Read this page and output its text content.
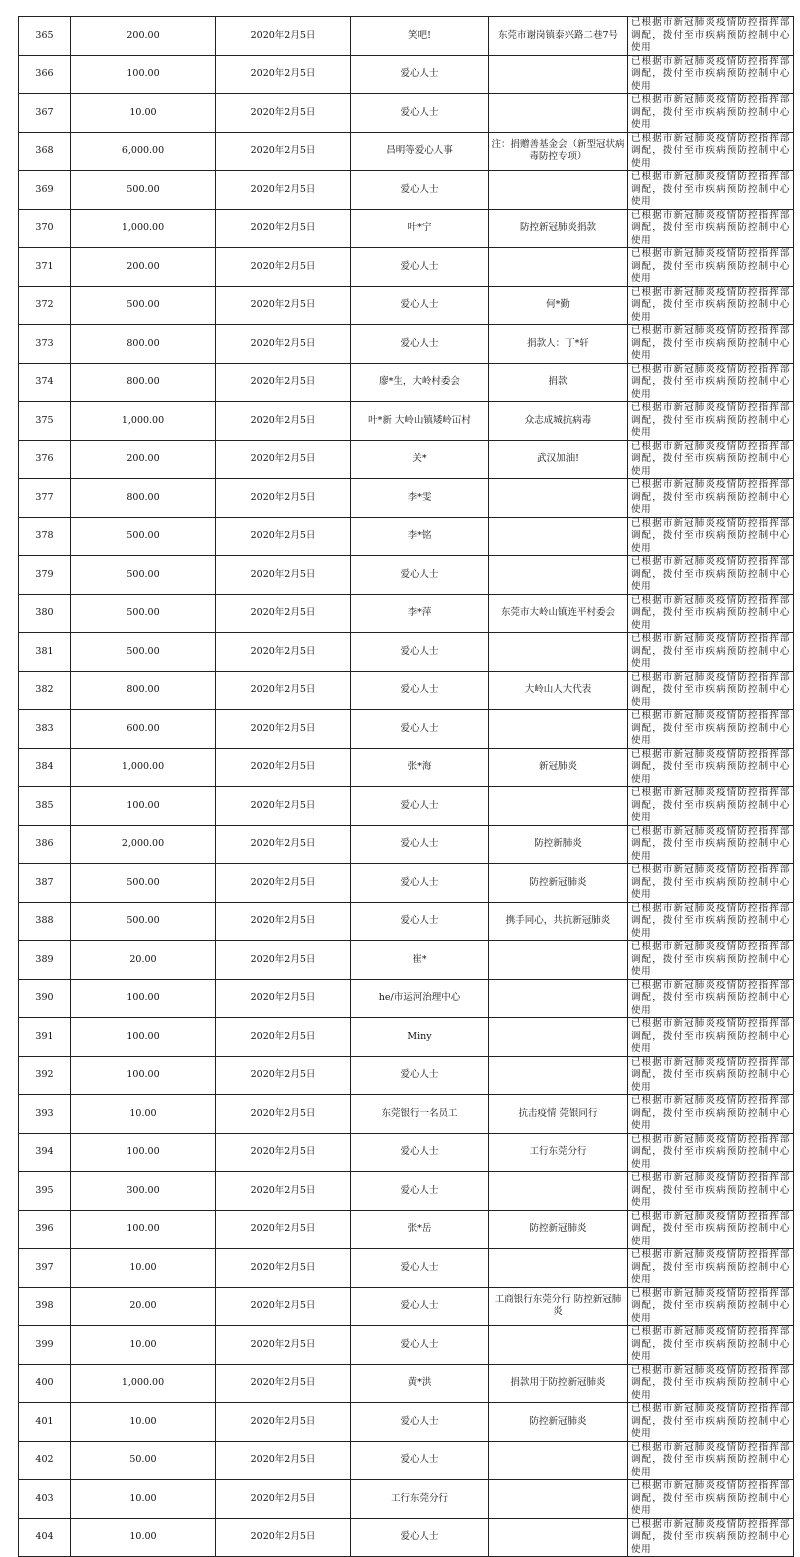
365	200.00	2020年2月5日	笑吧!	东莞市谢岗镇泰兴路二巷7号	已根据市新冠肺炎疫情防控指挥部调配，拨付至市疾病预防控制中心使用
366	100.00	2020年2月5日	爱心人士		已根据市新冠肺炎疫情防控指挥部调配，拨付至市疾病预防控制中心使用
367	10.00	2020年2月5日	爱心人士		已根据市新冠肺炎疫情防控指挥部调配，拨付至市疾病预防控制中心使用
368	6,000.00	2020年2月5日	昌明等爱心人事	注：捐赠善基金会（新型冠状病毒防控专项）	已根据市新冠肺炎疫情防控指挥部调配，拨付至市疾病预防控制中心使用
369	500.00	2020年2月5日	爱心人士		已根据市新冠肺炎疫情防控指挥部调配，拨付至市疾病预防控制中心使用
370	1,000.00	2020年2月5日	叶*宁	防控新冠肺炎捐款	已根据市新冠肺炎疫情防控指挥部调配，拨付至市疾病预防控制中心使用
371	200.00	2020年2月5日	爱心人士		已根据市新冠肺炎疫情防控指挥部调配，拨付至市疾病预防控制中心使用
372	500.00	2020年2月5日	爱心人士	何*勤	已根据市新冠肺炎疫情防控指挥部调配，拨付至市疾病预防控制中心使用
373	800.00	2020年2月5日	爱心人士	捐款人：丁*轩	已根据市新冠肺炎疫情防控指挥部调配，拨付至市疾病预防控制中心使用
374	800.00	2020年2月5日	廖*生，大岭村委会	捐款	已根据市新冠肺炎疫情防控指挥部调配，拨付至市疾病预防控制中心使用
375	1,000.00	2020年2月5日	叶*新 大岭山镇矮岭冚村	众志成城抗病毒	已根据市新冠肺炎疫情防控指挥部调配，拨付至市疾病预防控制中心使用
376	200.00	2020年2月5日	关*	武汉加油!	已根据市新冠肺炎疫情防控指挥部调配，拨付至市疾病预防控制中心使用
377	800.00	2020年2月5日	李*雯		已根据市新冠肺炎疫情防控指挥部调配，拨付至市疾病预防控制中心使用
378	500.00	2020年2月5日	李*铭		已根据市新冠肺炎疫情防控指挥部调配，拨付至市疾病预防控制中心使用
379	500.00	2020年2月5日	爱心人士		已根据市新冠肺炎疫情防控指挥部调配，拨付至市疾病预防控制中心使用
380	500.00	2020年2月5日	李*萍	东莞市大岭山镇连平村委会	已根据市新冠肺炎疫情防控指挥部调配，拨付至市疾病预防控制中心使用
381	500.00	2020年2月5日	爱心人士		已根据市新冠肺炎疫情防控指挥部调配，拨付至市疾病预防控制中心使用
382	800.00	2020年2月5日	爱心人士	大岭山人大代表	已根据市新冠肺炎疫情防控指挥部调配，拨付至市疾病预防控制中心使用
383	600.00	2020年2月5日	爱心人士		已根据市新冠肺炎疫情防控指挥部调配，拨付至市疾病预防控制中心使用
384	1,000.00	2020年2月5日	张*海	新冠肺炎	已根据市新冠肺炎疫情防控指挥部调配，拨付至市疾病预防控制中心使用
385	100.00	2020年2月5日	爱心人士		已根据市新冠肺炎疫情防控指挥部调配，拨付至市疾病预防控制中心使用
386	2,000.00	2020年2月5日	爱心人士	防控新肺炎	已根据市新冠肺炎疫情防控指挥部调配，拨付至市疾病预防控制中心使用
387	500.00	2020年2月5日	爱心人士	防控新冠肺炎	已根据市新冠肺炎疫情防控指挥部调配，拨付至市疾病预防控制中心使用
388	500.00	2020年2月5日	爱心人士	携手同心，共抗新冠肺炎	已根据市新冠肺炎疫情防控指挥部调配，拨付至市疾病预防控制中心使用
389	20.00	2020年2月5日	崔*		已根据市新冠肺炎疫情防控指挥部调配，拨付至市疾病预防控制中心使用
390	100.00	2020年2月5日	he/市运河治理中心		已根据市新冠肺炎疫情防控指挥部调配，拨付至市疾病预防控制中心使用
391	100.00	2020年2月5日	Miny		已根据市新冠肺炎疫情防控指挥部调配，拨付至市疾病预防控制中心使用
392	100.00	2020年2月5日	爱心人士		已根据市新冠肺炎疫情防控指挥部调配，拨付至市疾病预防控制中心使用
393	10.00	2020年2月5日	东莞银行一名员工	抗击疫情 莞银同行	已根据市新冠肺炎疫情防控指挥部调配，拨付至市疾病预防控制中心使用
394	100.00	2020年2月5日	爱心人士	工行东莞分行	已根据市新冠肺炎疫情防控指挥部调配，拨付至市疾病预防控制中心使用
395	300.00	2020年2月5日	爱心人士		已根据市新冠肺炎疫情防控指挥部调配，拨付至市疾病预防控制中心使用
396	100.00	2020年2月5日	张*岳	防控新冠肺炎	已根据市新冠肺炎疫情防控指挥部调配，拨付至市疾病预防控制中心使用
397	10.00	2020年2月5日	爱心人士		已根据市新冠肺炎疫情防控指挥部调配，拨付至市疾病预防控制中心使用
398	20.00	2020年2月5日	爱心人士	工商银行东莞分行 防控新冠肺炎	已根据市新冠肺炎疫情防控指挥部调配，拨付至市疾病预防控制中心使用
399	10.00	2020年2月5日	爱心人士		已根据市新冠肺炎疫情防控指挥部调配，拨付至市疾病预防控制中心使用
400	1,000.00	2020年2月5日	黄*洪	捐款用于防控新冠肺炎	已根据市新冠肺炎疫情防控指挥部调配，拨付至市疾病预防控制中心使用
401	10.00	2020年2月5日	爱心人士	防控新冠肺炎	已根据市新冠肺炎疫情防控指挥部调配，拨付至市疾病预防控制中心使用
402	50.00	2020年2月5日	爱心人士		已根据市新冠肺炎疫情防控指挥部调配，拨付至市疾病预防控制中心使用
403	10.00	2020年2月5日	工行东莞分行		已根据市新冠肺炎疫情防控指挥部调配，拨付至市疾病预防控制中心使用
404	10.00	2020年2月5日	爱心人士		已根据市新冠肺炎疫情防控指挥部调配，拨付至市疾病预防控制中心使用
